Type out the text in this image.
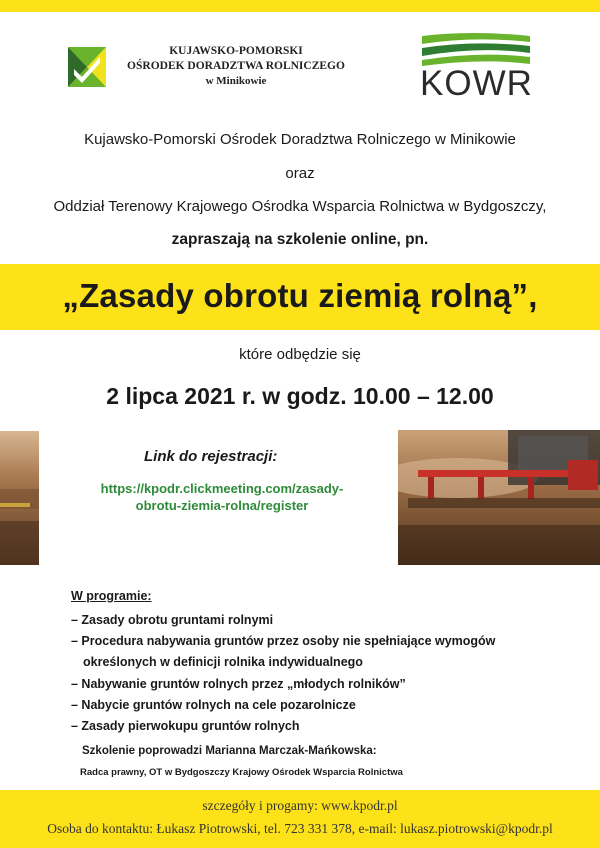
KUJAWSKO-POMORSKI
OŚRODEK DORADZTWA ROLNICZEGO
w Minikowie	KOWR
Kujawsko-Pomorski Ośrodek Doradztwa Rolniczego w Minikowie
oraz
Oddział Terenowy Krajowego Ośrodka Wsparcia Rolnictwa w Bydgoszczy,
zapraszają na szkolenie online, pn.
„Zasady obrotu ziemią rolną”,
które odbędzie się
2 lipca 2021 r. w godz. 10.00 – 12.00
Link do rejestracji:
https://kpodr.clickmeeting.com/zasady-
obrotu-ziemia-rolna/register
W programie:
– Zasady obrotu gruntami rolnymi
– Procedura nabywania gruntów przez osoby nie spełniające wymogów
określonych w definicji rolnika indywidualnego
– Nabywanie gruntów rolnych przez „młodych rolników”
– Nabycie gruntów rolnych na cele pozarolnicze
– Zasady pierwokupu gruntów rolnych
Szkolenie poprowadzi Marianna Marczak-Mańkowska:
Radca prawny, OT w Bydgoszczy Krajowy Ośrodek Wsparcia Rolnictwa
szczegóły i progamy: www.kpodr.pl
Osoba do kontaktu: Łukasz Piotrowski, tel. 723 331 378, e-mail: lukasz.piotrowski@kpodr.pl
